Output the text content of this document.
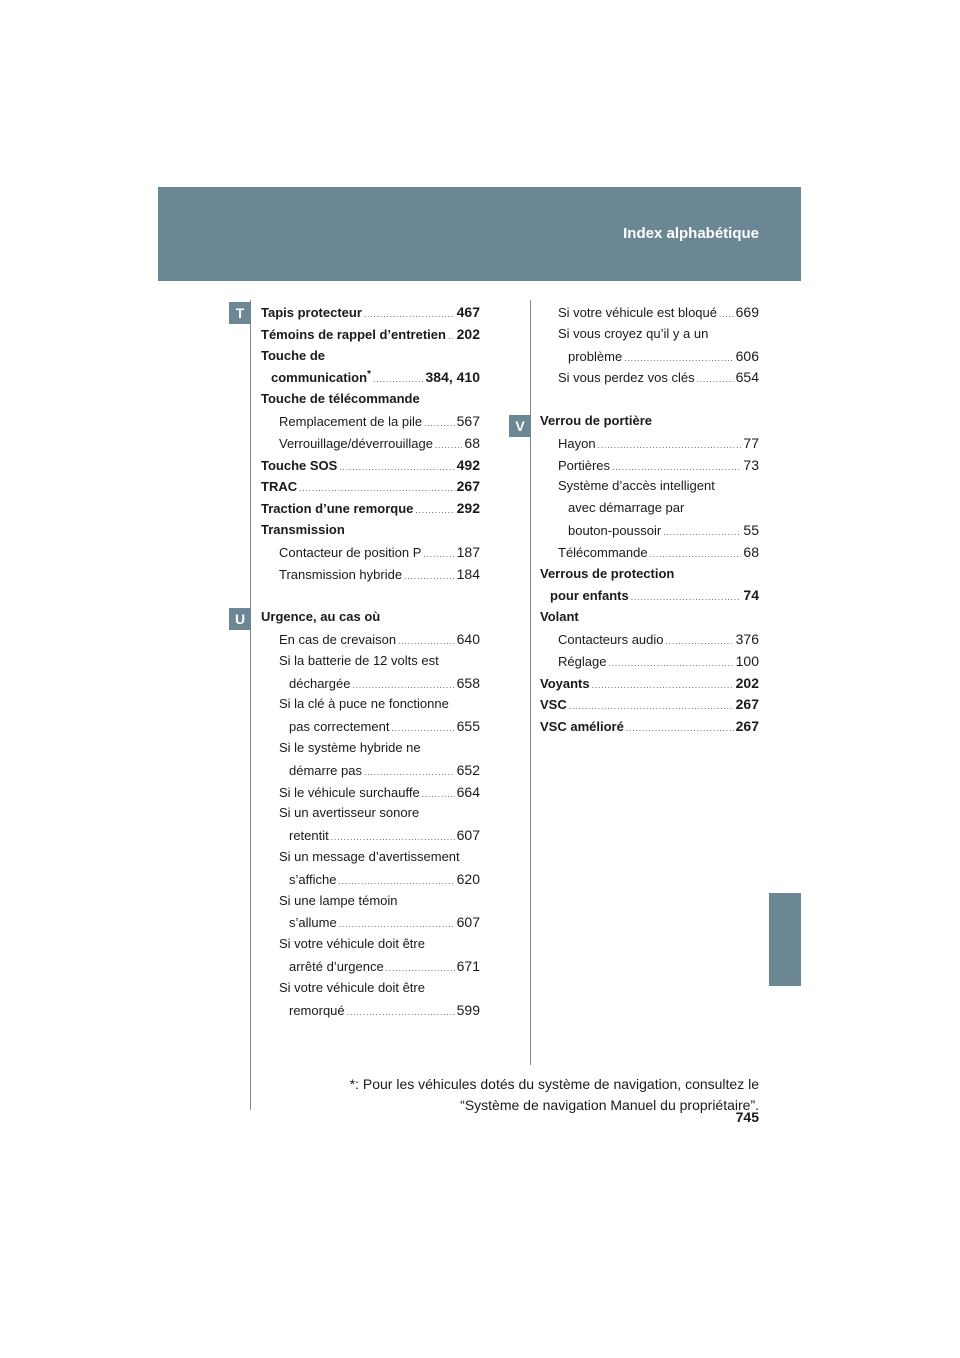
Index alphabétique
T
U
V
Tapis protecteur .....	467
Témoins de rappel d’entretien ..... 202
Touche de
communication* .....	384, 410
Touche de télécommande
Remplacement de la pile ..... 567
Verrouillage/déverrouillage ..... 68
Touche SOS .....	492
TRAC .....	267
Traction d’une remorque .....	292
Transmission
Contacteur de position P .....	187
Transmission hybride .....	184
Urgence, au cas où
En cas de crevaison .....	640
Si la batterie de 12 volts est
déchargée .....	658
Si la clé à puce ne fonctionne
pas correctement .....	655
Si le système hybride ne
démarre pas .....	652
Si le véhicule surchauffe .....	664
Si un avertisseur sonore
retentit .....	607
Si un message d’avertissement
s’affiche .....	620
Si une lampe témoin
s’allume .....	607
Si votre véhicule doit être
arrêté d’urgence .....	671
Si votre véhicule doit être
remorqué .....	599
Si votre véhicule est bloqué ..... 669
Si vous croyez qu’il y a un
problème .....	606
Si vous perdez vos clés .....	654
Verrou de portière
Hayon .....	77
Portières .....	73
Système d’accès intelligent
avec démarrage par
bouton-poussoir .....	55
Télécommande .....	68
Verrous de protection
pour enfants .....	74
Volant
Contacteurs audio .....	376
Réglage .....	100
Voyants .....	202
VSC .....	267
VSC amélioré .....	267
*: Pour les véhicules dotés du système de navigation, consultez le
“Système de navigation Manuel du propriétaire”.
745
